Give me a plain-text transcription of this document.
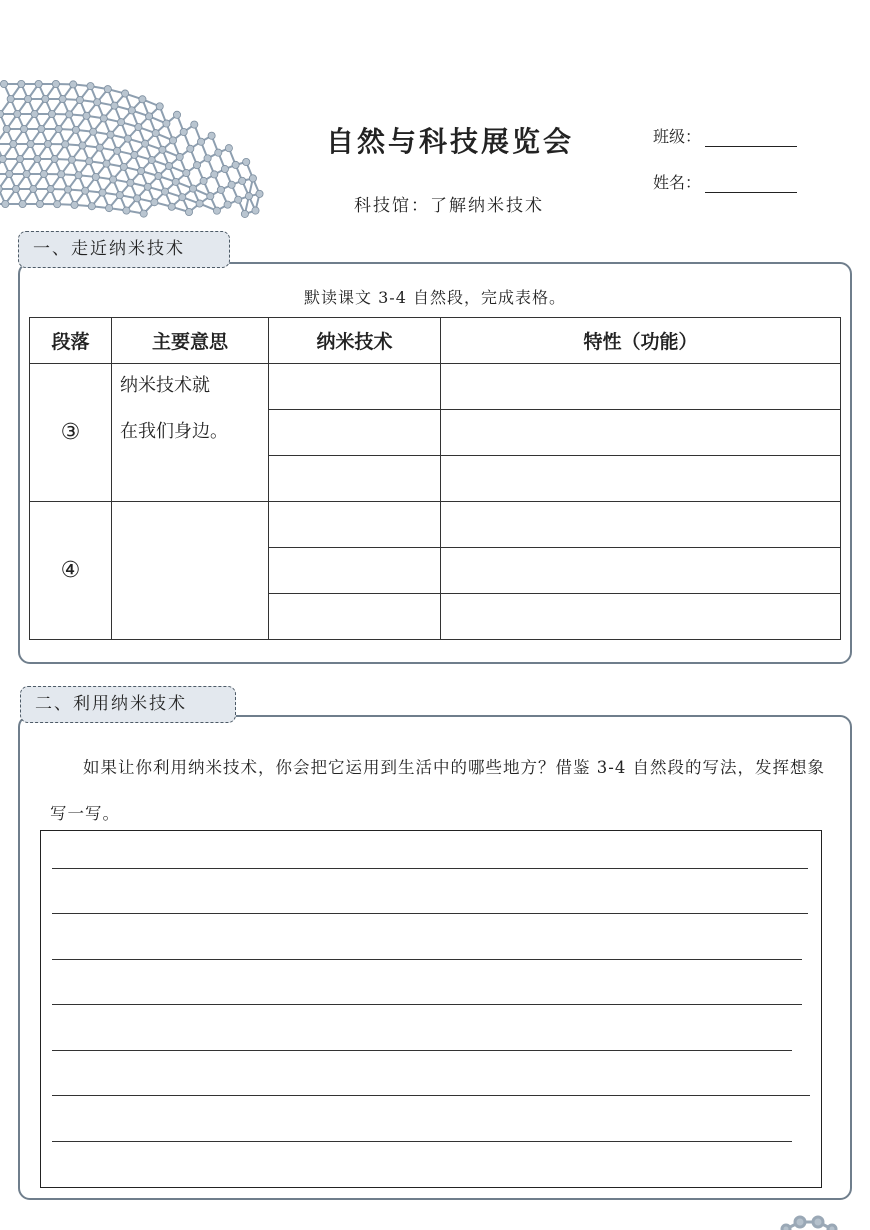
自然与科技展览会
科技馆：了解纳米技术
班级：
姓名：
一、走近纳米技术
默读课文 3-4 自然段，完成表格。
段落	主要意思	纳米技术	特性（功能）
③	纳米技术就
在我们身边。		

④			

二、利用纳米技术
如果让你利用纳米技术，你会把它运用到生活中的哪些地方？借鉴 3-4 自然段的写法，发挥想象写一写。
